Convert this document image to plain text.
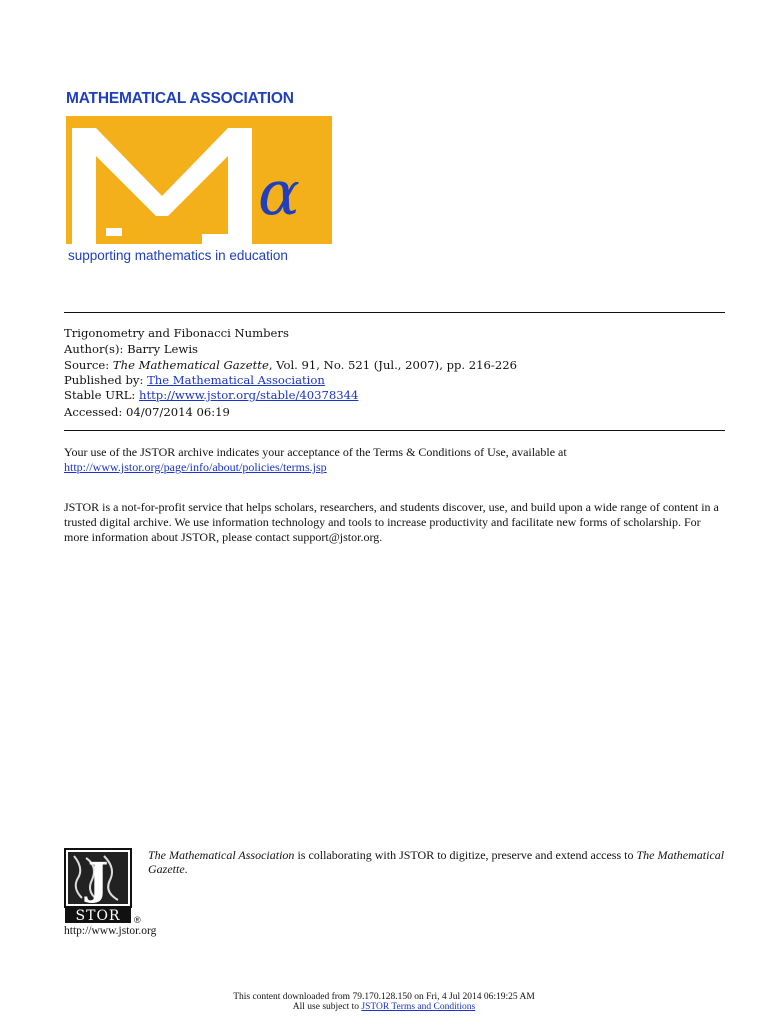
MATHEMATICAL ASSOCIATION
α
supporting mathematics in education
Trigonometry and Fibonacci Numbers
Author(s): Barry Lewis
Source: The Mathematical Gazette, Vol. 91, No. 521 (Jul., 2007), pp. 216-226
Published by: The Mathematical Association
Stable URL: http://www.jstor.org/stable/40378344
Accessed: 04/07/2014 06:19
Your use of the JSTOR archive indicates your acceptance of the Terms & Conditions of Use, available at
http://www.jstor.org/page/info/about/policies/terms.jsp
JSTOR is a not-for-profit service that helps scholars, researchers, and students discover, use, and build upon a wide range of content in a trusted digital archive. We use information technology and tools to increase productivity and facilitate new forms of scholarship. For more information about JSTOR, please contact support@jstor.org.
J
STOR ®
The Mathematical Association is collaborating with JSTOR to digitize, preserve and extend access to The Mathematical Gazette.
http://www.jstor.org
This content downloaded from 79.170.128.150 on Fri, 4 Jul 2014 06:19:25 AM
All use subject to JSTOR Terms and Conditions
